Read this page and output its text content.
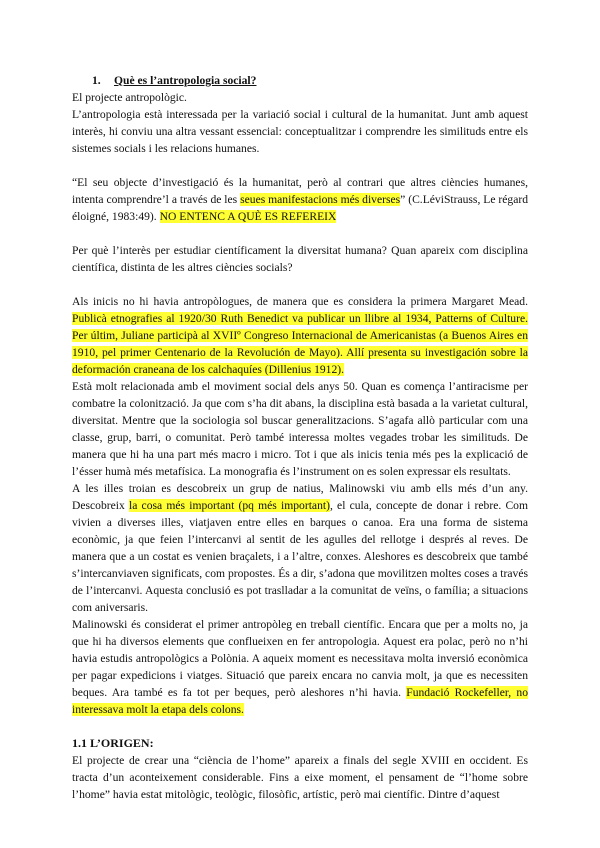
1. Què es l’antropologia social?

El projecte antropològic.

L’antropologia està interessada per la variació social i cultural de la humanitat. Junt amb aquest interès, hi conviu una altra vessant essencial: conceptualitzar i comprendre les similituds entre els sistemes socials i les relacions humanes.

“El seu objecte d’investigació és la humanitat, però al contrari que altres ciències humanes, intenta comprendre’l a través de les seues manifestacions més diverses” (C.LéviStrauss, Le régard éloigné, 1983:49). NO ENTENC A QUÈ ES REFEREIX

Per què l’interès per estudiar científicament la diversitat humana? Quan apareix com disciplina científica, distinta de les altres ciències socials?

Als inicis no hi havia antropòlogues, de manera que es considera la primera Margaret Mead. Publicà etnografies al 1920/30 Ruth Benedict va publicar un llibre al 1934, Patterns of Culture. Per últim, Juliane participà al XVIIº Congreso Internacional de Americanistas (a Buenos Aires en 1910, pel primer Centenario de la Revolución de Mayo). Allí presenta su investigación sobre la deformación craneana de los calchaquíes (Dillenius 1912).

Està molt relacionada amb el moviment social dels anys 50. Quan es comença l’antiracisme per combatre la colonització. Ja que com s’ha dit abans, la disciplina està basada a la varietat cultural, diversitat. Mentre que la sociologia sol buscar generalitzacions. S’agafa allò particular com una classe, grup, barri, o comunitat. Però també interessa moltes vegades trobar les similituds. De manera que hi ha una part més macro i micro. Tot i que als inicis tenia més pes la explicació de l’ésser humà més metafísica. La monografia és l’instrument on es solen expressar els resultats.

A les illes troian es descobreix un grup de natius, Malinowski viu amb ells més d’un any. Descobreix la cosa més important (pq més important), el cula, concepte de donar i rebre. Com vivien a diverses illes, viatjaven entre elles en barques o canoa. Era una forma de sistema econòmic, ja que feien l’intercanvi al sentit de les agulles del rellotge i després al reves. De manera que a un costat es venien braçalets, i a l’altre, conxes. Aleshores es descobreix que també s’intercanviaven significats, com propostes. És a dir, s’adona que movilitzen moltes coses a través de l’intercanvi. Aquesta conclusió es pot traslladar a la comunitat de veïns, o família; a situacions com aniversaris.

Malinowski és considerat el primer antropòleg en treball científic. Encara que per a molts no, ja que hi ha diversos elements que conflueixen en fer antropologia. Aquest era polac, però no n’hi havia estudis antropològics a Polònia. A aqueix moment es necessitava molta inversió econòmica per pagar expedicions i viatges. Situació que pareix encara no canvia molt, ja que es necessiten beques. Ara també es fa tot per beques, però aleshores n’hi havia. Fundació Rockefeller, no interessava molt la etapa dels colons.

1.1 L’ORIGEN:

El projecte de crear una “ciència de l’home” apareix a finals del segle XVIII en occident. Es tracta d’un aconteixement considerable. Fins a eixe moment, el pensament de “l’home sobre l’home” havia estat mitològic, teològic, filosòfic, artístic, però mai científic. Dintre d’aquest
